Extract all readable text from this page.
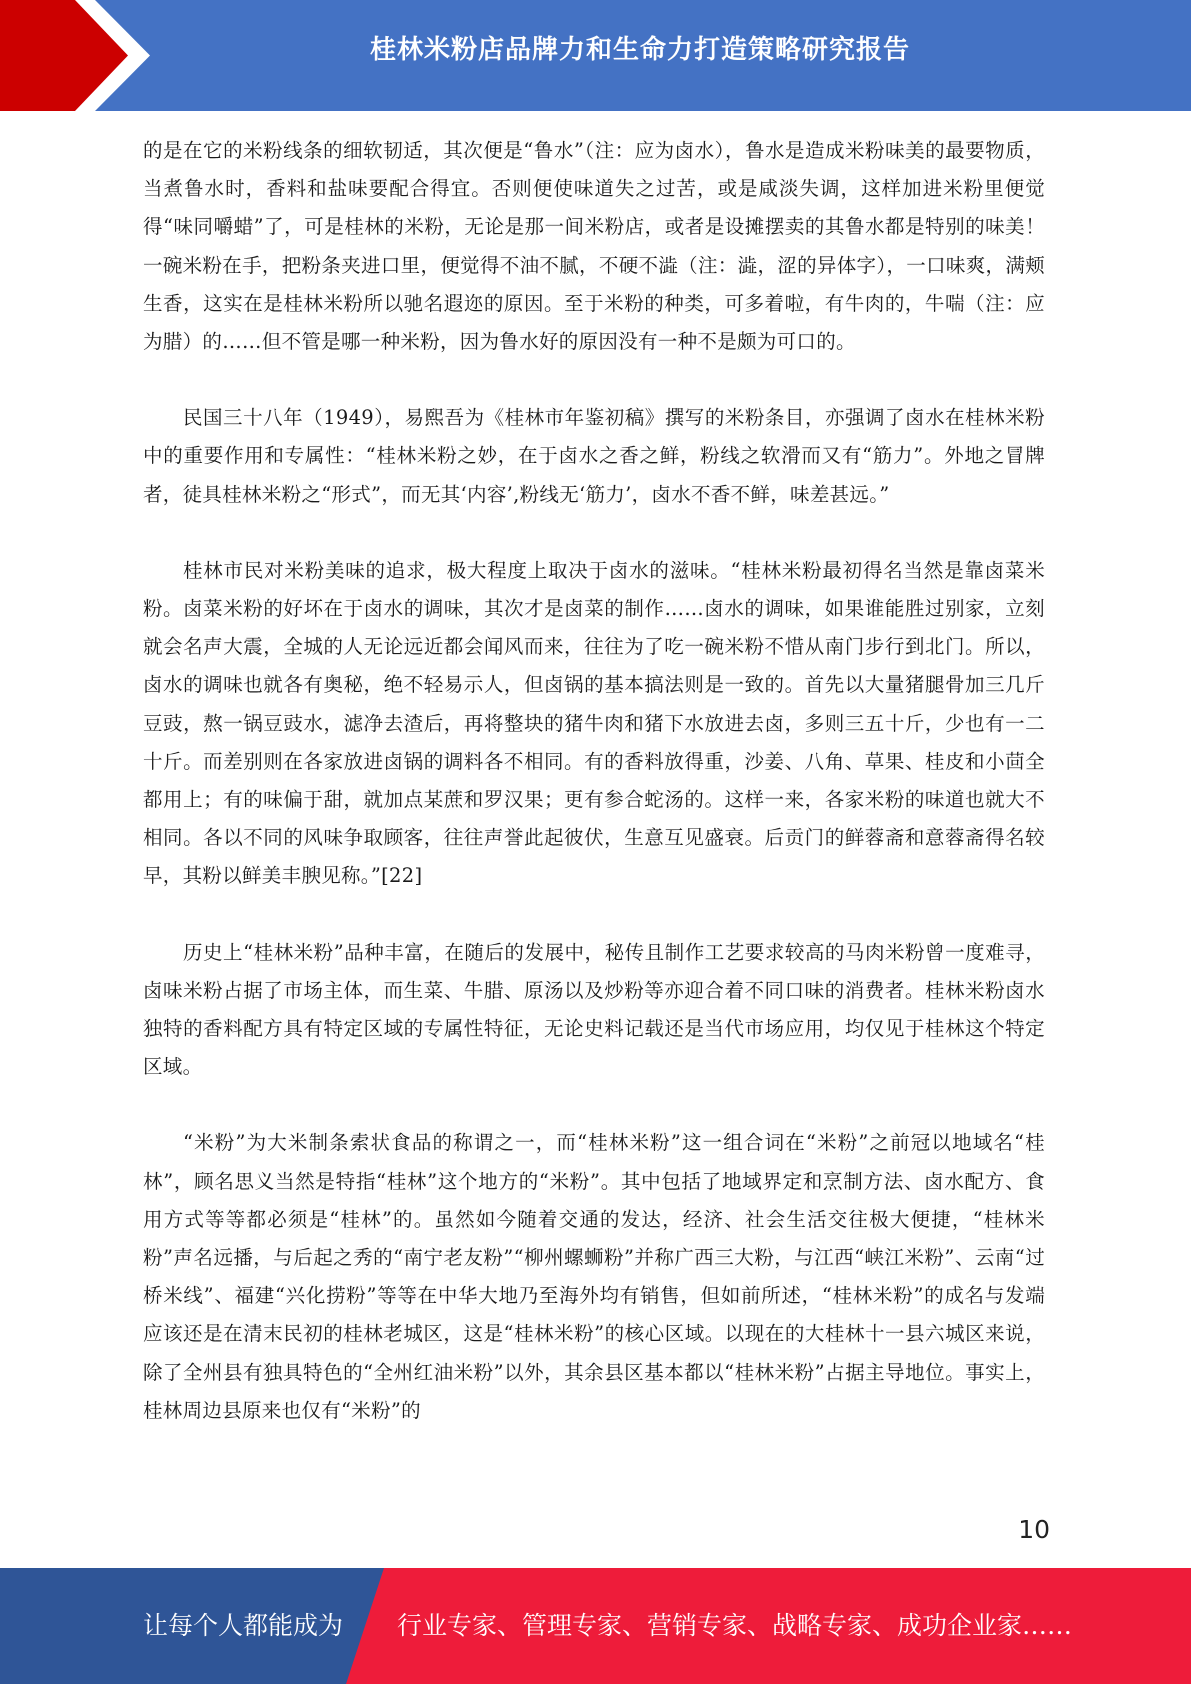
桂林米粉店品牌力和生命力打造策略研究报告

的是在它的米粉线条的细软韧适，其次便是“鲁水”（注：应为卤水），鲁水是造成米粉味美的最要物质，当煮鲁水时，香料和盐味要配合得宜。否则便使味道失之过苦，或是咸淡失调，这样加进米粉里便觉得“味同嚼蜡”了，可是桂林的米粉，无论是那一间米粉店，或者是设摊摆卖的其鲁水都是特别的味美！一碗米粉在手，把粉条夹进口里，便觉得不油不腻，不硬不澁（注：澁，涩的异体字），一口味爽，满颊生香，这实在是桂林米粉所以驰名遐迩的原因。至于米粉的种类，可多着啦，有牛肉的，牛喘（注：应为腊）的……但不管是哪一种米粉，因为鲁水好的原因没有一种不是颇为可口的。

民国三十八年（1949），易熙吾为《桂林市年鉴初稿》撰写的米粉条目，亦强调了卤水在桂林米粉中的重要作用和专属性：“桂林米粉之妙，在于卤水之香之鲜，粉线之软滑而又有“筋力”。外地之冒牌者，徒具桂林米粉之“形式”，而无其‘内容’,粉线无‘筋力’，卤水不香不鲜，味差甚远。”

桂林市民对米粉美味的追求，极大程度上取决于卤水的滋味。“桂林米粉最初得名当然是靠卤菜米粉。卤菜米粉的好坏在于卤水的调味，其次才是卤菜的制作……卤水的调味，如果谁能胜过别家，立刻就会名声大震，全城的人无论远近都会闻风而来，往往为了吃一碗米粉不惜从南门步行到北门。所以，卤水的调味也就各有奥秘，绝不轻易示人，但卤锅的基本搞法则是一致的。首先以大量猪腿骨加三几斤豆豉，熬一锅豆豉水，滤净去渣后，再将整块的猪牛肉和猪下水放进去卤，多则三五十斤，少也有一二十斤。而差别则在各家放进卤锅的调料各不相同。有的香料放得重，沙姜、八角、草果、桂皮和小茴全都用上；有的味偏于甜，就加点某蔗和罗汉果；更有参合蛇汤的。这样一来，各家米粉的味道也就大不相同。各以不同的风味争取顾客，往往声誉此起彼伏，生意互见盛衰。后贡门的鲜蓉斋和意蓉斋得名较早，其粉以鲜美丰腴见称。”[22]

历史上“桂林米粉”品种丰富，在随后的发展中，秘传且制作工艺要求较高的马肉米粉曾一度难寻，卤味米粉占据了市场主体，而生菜、牛腊、原汤以及炒粉等亦迎合着不同口味的消费者。桂林米粉卤水独特的香料配方具有特定区域的专属性特征，无论史料记载还是当代市场应用，均仅见于桂林这个特定区域。

“米粉”为大米制条索状食品的称谓之一，而“桂林米粉”这一组合词在“米粉”之前冠以地域名“桂林”，顾名思义当然是特指“桂林”这个地方的“米粉”。其中包括了地域界定和烹制方法、卤水配方、食用方式等等都必须是“桂林”的。虽然如今随着交通的发达，经济、社会生活交往极大便捷，“桂林米粉”声名远播，与后起之秀的“南宁老友粉”“柳州螺蛳粉”并称广西三大粉，与江西“峡江米粉”、云南“过桥米线”、福建“兴化捞粉”等等在中华大地乃至海外均有销售，但如前所述，“桂林米粉”的成名与发端应该还是在清末民初的桂林老城区，这是“桂林米粉”的核心区域。以现在的大桂林十一县六城区来说，除了全州县有独具特色的“全州红油米粉”以外，其余县区基本都以“桂林米粉”占据主导地位。事实上，桂林周边县原来也仅有“米粉”的

10
让每个人都能成为 行业专家、管理专家、营销专家、战略专家、成功企业家……
